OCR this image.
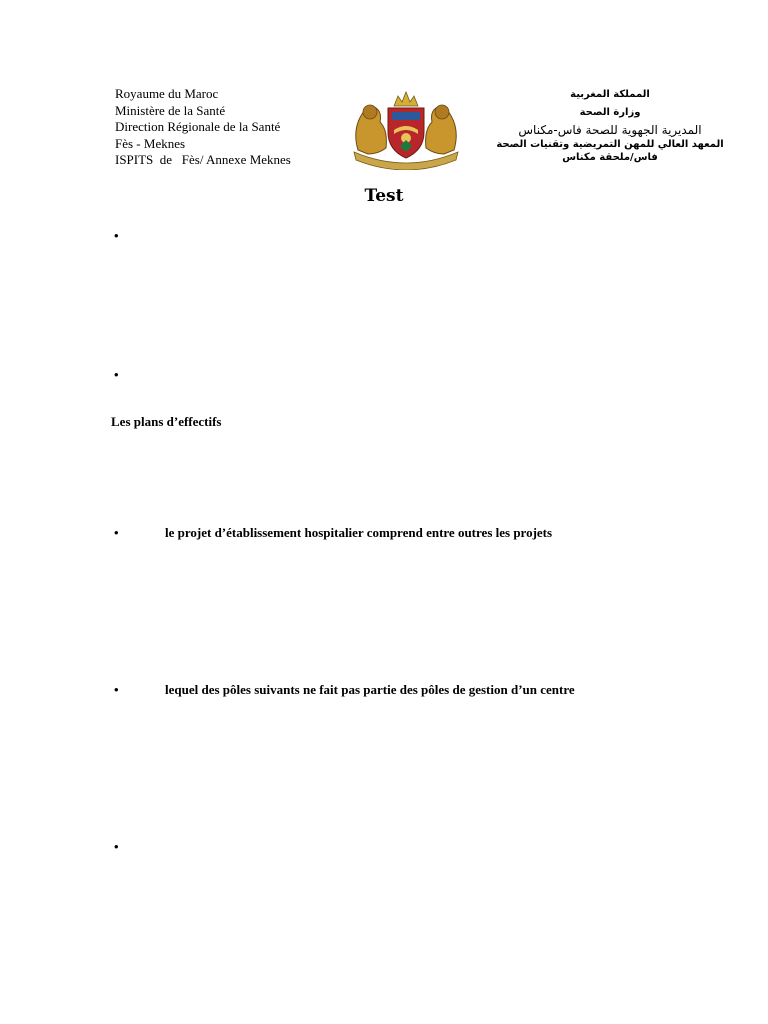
Royaume du Maroc
Ministère de la Santé
Direction Régionale de la Santé
Fès - Meknes
ISPITS  de   Fès/ Annexe Meknes
المملكة المغربية
وزارة الصحة
المديرية الجهوية للصحة فاس-مكناس
المعهد العالي للمهن التمريضية وتقنيات الصحة
فاس/ملحقة مكناس
Test
•
•
Les plans d’effectifs
•	le projet d’établissement hospitalier comprend entre outres les projets
•	lequel des pôles suivants ne fait pas partie des pôles de gestion d’un centre
•
